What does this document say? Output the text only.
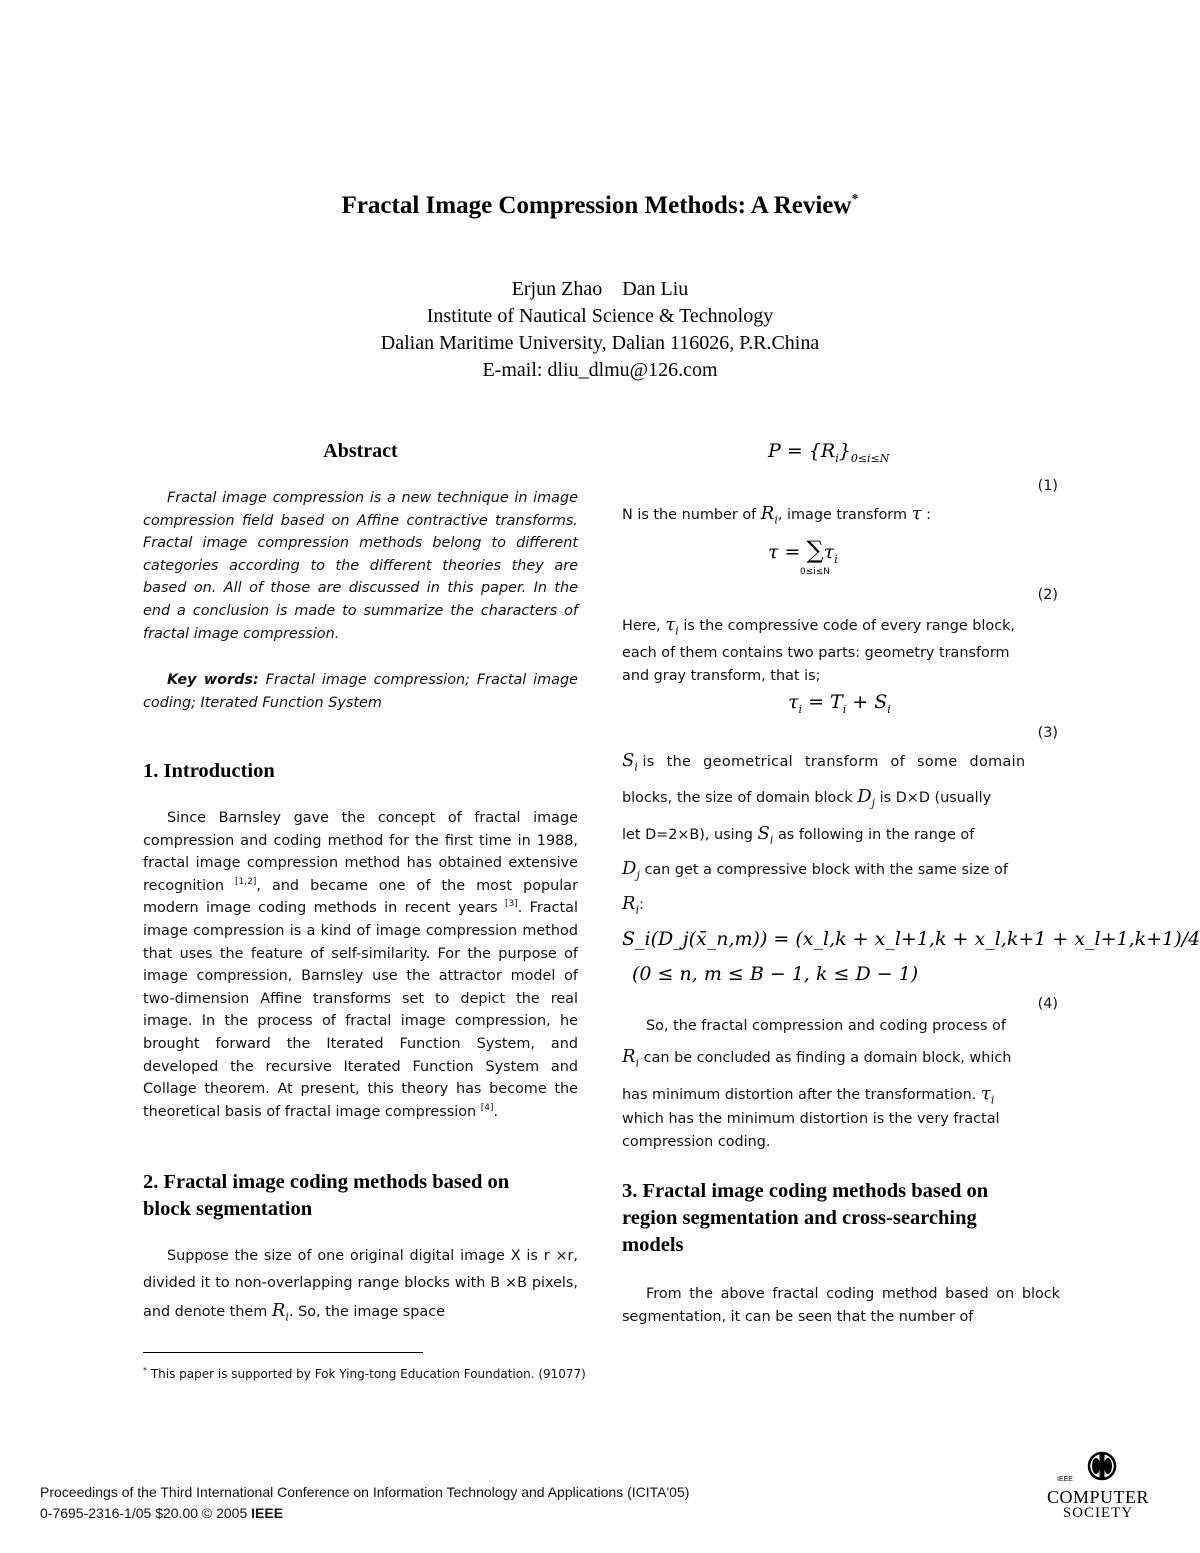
Fractal Image Compression Methods: A Review*
Erjun Zhao    Dan Liu
Institute of Nautical Science & Technology
Dalian Maritime University, Dalian 116026, P.R.China
E-mail: dliu_dlmu@126.com
Abstract
Fractal image compression is a new technique in image compression field based on Affine contractive transforms. Fractal image compression methods belong to different categories according to the different theories they are based on. All of those are discussed in this paper. In the end a conclusion is made to summarize the characters of fractal image compression.
Key words: Fractal image compression; Fractal image coding; Iterated Function System
1. Introduction
Since Barnsley gave the concept of fractal image compression and coding method for the first time in 1988, fractal image compression method has obtained extensive recognition [1,2], and became one of the most popular modern image coding methods in recent years [3]. Fractal image compression is a kind of image compression method that uses the feature of self-similarity. For the purpose of image compression, Barnsley use the attractor model of two-dimension Affine transforms set to depict the real image. In the process of fractal image compression, he brought forward the Iterated Function System, and developed the recursive Iterated Function System and Collage theorem. At present, this theory has become the theoretical basis of fractal image compression [4].
2. Fractal image coding methods based on
block segmentation
Suppose the size of one original digital image X is r ×r, divided it to non-overlapping range blocks with B ×B pixels, and denote them $R_i$. So, the image space
$P = \{R_i\}_{0\le i\le N}$
(1)
N is the number of $R_i$, image transform τ :
$\tau = \sum\tau_i$
0≤i≤N
(2)
Here, $\tau_i$ is the compressive code of every range block,
each of them contains two parts: geometry transform
and gray transform, that is;
$\tau_i = T_i + S_i$
(3)
$S_i$ is the geometrical transform of some domain
blocks, the size of domain block $D_j$ is D×D (usually
let D=2×B), using $S_i$ as following in the range of
$D_j$ can get a compressive block with the same size of
$R_i$:
S_i(D_j(x̄_n,m)) = (x_l,k + x_l+1,k + x_l,k+1 + x_l+1,k+1)/4
(0 ≤ n, m ≤ B − 1, k ≤ D − 1)
(4)
So, the fractal compression and coding process of
$R_i$ can be concluded as finding a domain block, which
has minimum distortion after the transformation. $\tau_i$
which has the minimum distortion is the very fractal
compression coding.
3. Fractal image coding methods based on
region segmentation and cross-searching
models
From the above fractal coding method based on block segmentation, it can be seen that the number of
* This paper is supported by Fok Ying-tong Education Foundation. (91077)
Proceedings of the Third International Conference on Information Technology and Applications (ICITA'05)
0-7695-2316-1/05 $20.00 © 2005 IEEE
IEEE
COMPUTER
SOCIETY
